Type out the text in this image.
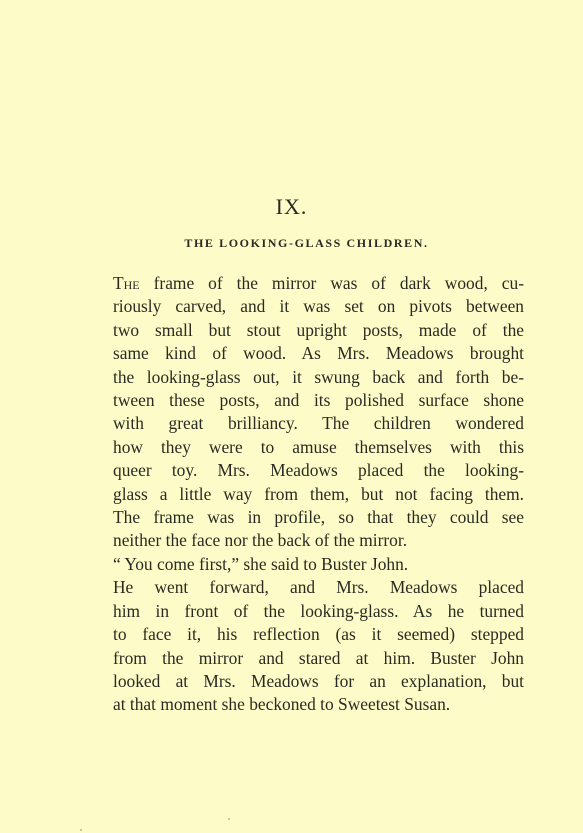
IX.
THE LOOKING-GLASS CHILDREN.

The frame of the mirror was of dark wood, cu-
riously carved, and it was set on pivots between
two small but stout upright posts, made of the
same kind of wood. As Mrs. Meadows brought
the looking-glass out, it swung back and forth be-
tween these posts, and its polished surface shone
with great brilliancy. The children wondered
how they were to amuse themselves with this
queer toy. Mrs. Meadows placed the looking-
glass a little way from them, but not facing them.
The frame was in profile, so that they could see
neither the face nor the back of the mirror.

“ You come first,” she said to Buster John.

He went forward, and Mrs. Meadows placed
him in front of the looking-glass. As he turned
to face it, his reflection (as it seemed) stepped
from the mirror and stared at him. Buster John
looked at Mrs. Meadows for an explanation, but
at that moment she beckoned to Sweetest Susan.
